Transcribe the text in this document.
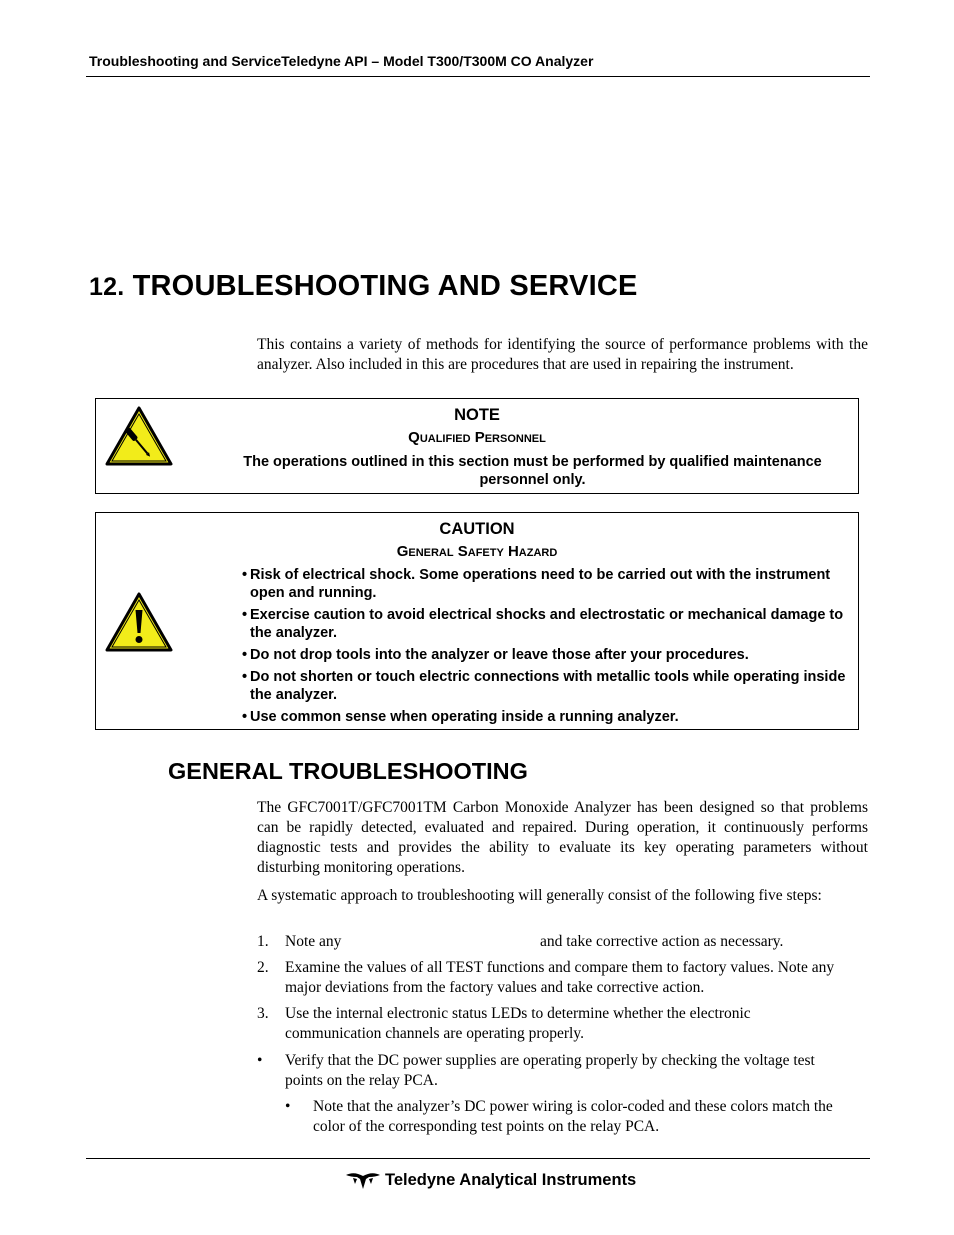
Troubleshooting and ServiceTeledyne API – Model T300/T300M CO Analyzer
12. TROUBLESHOOTING AND SERVICE
This contains a variety of methods for identifying the source of performance problems with the analyzer. Also included in this are procedures that are used in repairing the instrument.
NOTE
Qualified Personnel
The operations outlined in this section must be performed by qualified maintenance personnel only.
CAUTION
General Safety Hazard
• Risk of electrical shock. Some operations need to be carried out with the instrument open and running.
• Exercise caution to avoid electrical shocks and electrostatic or mechanical damage to the analyzer.
• Do not drop tools into the analyzer or leave those after your procedures.
• Do not shorten or touch electric connections with metallic tools while operating inside the analyzer.
• Use common sense when operating inside a running analyzer.
GENERAL TROUBLESHOOTING
The GFC7001T/GFC7001TM Carbon Monoxide Analyzer has been designed so that problems can be rapidly detected, evaluated and repaired. During operation, it continuously performs diagnostic tests and provides the ability to evaluate its key operating parameters without disturbing monitoring operations.
A systematic approach to troubleshooting will generally consist of the following five steps:
1. Note any	and take corrective action as necessary.
2. Examine the values of all TEST functions and compare them to factory values. Note any major deviations from the factory values and take corrective action.
3. Use the internal electronic status LEDs to determine whether the electronic communication channels are operating properly.
• Verify that the DC power supplies are operating properly by checking the voltage test points on the relay PCA.
• Note that the analyzer’s DC power wiring is color-coded and these colors match the color of the corresponding test points on the relay PCA.
Teledyne Analytical Instruments
